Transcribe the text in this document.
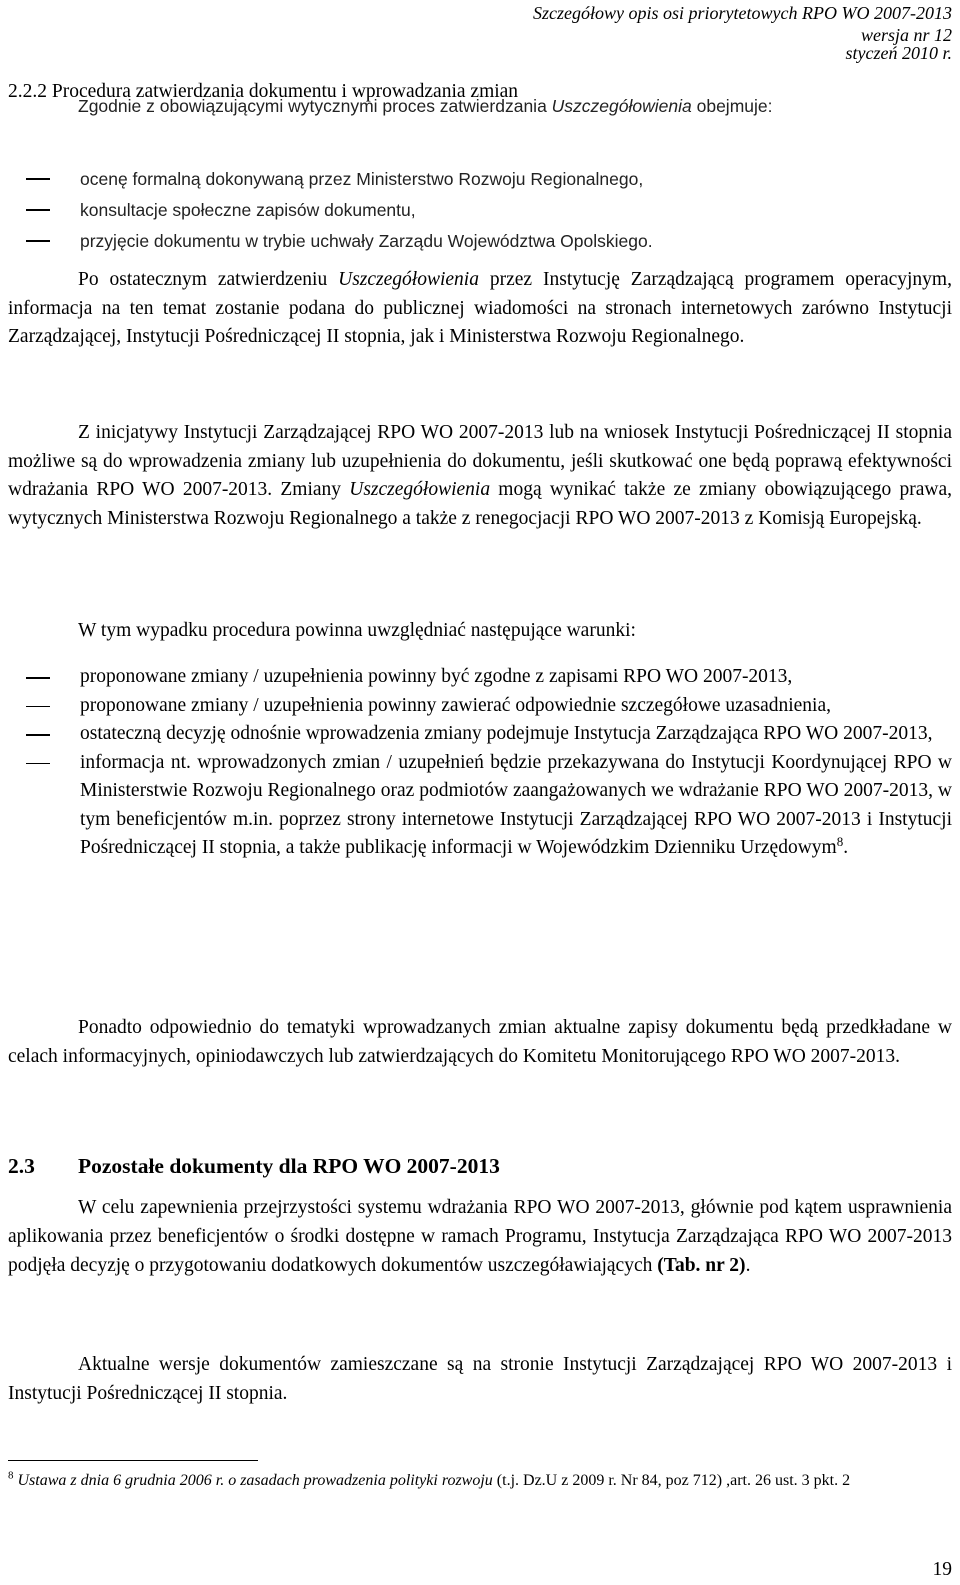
Szczegółowy opis osi priorytetowych RPO WO 2007-2013
wersja nr 12
styczeń 2010 r.
2.2.2 Procedura zatwierdzania dokumentu i wprowadzania zmian

Zgodnie z obowiązującymi wytycznymi proces zatwierdzania Uszczegółowienia obejmuje:

ocenę formalną dokonywaną przez Ministerstwo Rozwoju Regionalnego,
konsultacje społeczne zapisów dokumentu,
przyjęcie dokumentu w trybie uchwały Zarządu Województwa Opolskiego.

Po ostatecznym zatwierdzeniu Uszczegółowienia przez Instytucję Zarządzającą programem operacyjnym, informacja na ten temat zostanie podana do publicznej wiadomości na stronach internetowych zarówno Instytucji Zarządzającej, Instytucji Pośredniczącej II stopnia, jak i Ministerstwa Rozwoju Regionalnego.

Z inicjatywy Instytucji Zarządzającej RPO WO 2007-2013 lub na wniosek Instytucji Pośredniczącej II stopnia możliwe są do wprowadzenia zmiany lub uzupełnienia do dokumentu, jeśli skutkować one będą poprawą efektywności wdrażania RPO WO 2007-2013. Zmiany Uszczegółowienia mogą wynikać także ze zmiany obowiązującego prawa, wytycznych Ministerstwa Rozwoju Regionalnego a także z renegocjacji RPO WO 2007-2013 z Komisją Europejską.

W tym wypadku procedura powinna uwzględniać następujące warunki:

proponowane zmiany / uzupełnienia powinny być zgodne z zapisami RPO WO 2007-2013,
proponowane zmiany / uzupełnienia powinny zawierać odpowiednie szczegółowe uzasadnienia,
ostateczną decyzję odnośnie wprowadzenia zmiany podejmuje Instytucja Zarządzająca RPO WO 2007-2013,
informacja nt. wprowadzonych zmian / uzupełnień będzie przekazywana do Instytucji Koordynującej RPO w Ministerstwie Rozwoju Regionalnego oraz podmiotów zaangażowanych we wdrażanie RPO WO 2007-2013, w tym beneficjentów m.in. poprzez strony internetowe Instytucji Zarządzającej RPO WO 2007-2013 i Instytucji Pośredniczącej II stopnia, a także publikację informacji w Wojewódzkim Dzienniku Urzędowym$^8$.

Ponadto odpowiednio do tematyki wprowadzanych zmian aktualne zapisy dokumentu będą przedkładane w celach informacyjnych, opiniodawczych lub zatwierdzających do Komitetu Monitorującego RPO WO 2007-2013.

2.3 Pozostałe dokumenty dla RPO WO 2007-2013

W celu zapewnienia przejrzystości systemu wdrażania RPO WO 2007-2013, głównie pod kątem usprawnienia aplikowania przez beneficjentów o środki dostępne w ramach Programu, Instytucja Zarządzająca RPO WO 2007-2013 podjęła decyzję o przygotowaniu dodatkowych dokumentów uszczegóławiających (Tab. nr 2).

Aktualne wersje dokumentów zamieszczane są na stronie Instytucji Zarządzającej RPO WO 2007-2013 i Instytucji Pośredniczącej II stopnia.

$^8$ Ustawa z dnia 6 grudnia 2006 r. o zasadach prowadzenia polityki rozwoju (t.j. Dz.U z 2009 r. Nr 84, poz 712) ,art. 26 ust. 3 pkt. 2
19
